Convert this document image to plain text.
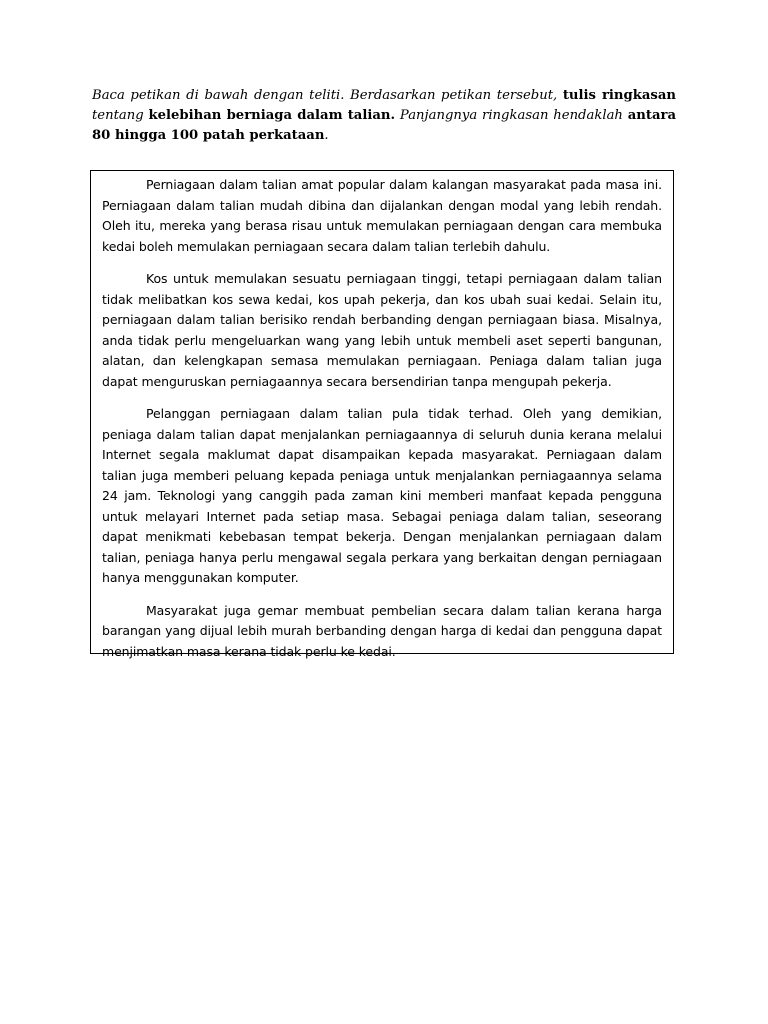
Baca petikan di bawah dengan teliti. Berdasarkan petikan tersebut, tulis ringkasan tentang kelebihan berniaga dalam talian. Panjangnya ringkasan hendaklah antara 80 hingga 100 patah perkataan.

Perniagaan dalam talian amat popular dalam kalangan masyarakat pada masa ini. Perniagaan dalam talian mudah dibina dan dijalankan dengan modal yang lebih rendah. Oleh itu, mereka yang berasa risau untuk memulakan perniagaan dengan cara membuka kedai boleh memulakan perniagaan secara dalam talian terlebih dahulu.

Kos untuk memulakan sesuatu perniagaan tinggi, tetapi perniagaan dalam talian tidak melibatkan kos sewa kedai, kos upah pekerja, dan kos ubah suai kedai. Selain itu, perniagaan dalam talian berisiko rendah berbanding dengan perniagaan biasa. Misalnya, anda tidak perlu mengeluarkan wang yang lebih untuk membeli aset seperti bangunan, alatan, dan kelengkapan semasa memulakan perniagaan. Peniaga dalam talian juga dapat menguruskan perniagaannya secara bersendirian tanpa mengupah pekerja.

Pelanggan perniagaan dalam talian pula tidak terhad. Oleh yang demikian, peniaga dalam talian dapat menjalankan perniagaannya di seluruh dunia kerana melalui Internet segala maklumat dapat disampaikan kepada masyarakat. Perniagaan dalam talian juga memberi peluang kepada peniaga untuk menjalankan perniagaannya selama 24 jam. Teknologi yang canggih pada zaman kini memberi manfaat kepada pengguna untuk melayari Internet pada setiap masa. Sebagai peniaga dalam talian, seseorang dapat menikmati kebebasan tempat bekerja. Dengan menjalankan perniagaan dalam talian, peniaga hanya perlu mengawal segala perkara yang berkaitan dengan perniagaan hanya menggunakan komputer.

Masyarakat juga gemar membuat pembelian secara dalam talian kerana harga barangan yang dijual lebih murah berbanding dengan harga di kedai dan pengguna dapat menjimatkan masa kerana tidak perlu ke kedai.
